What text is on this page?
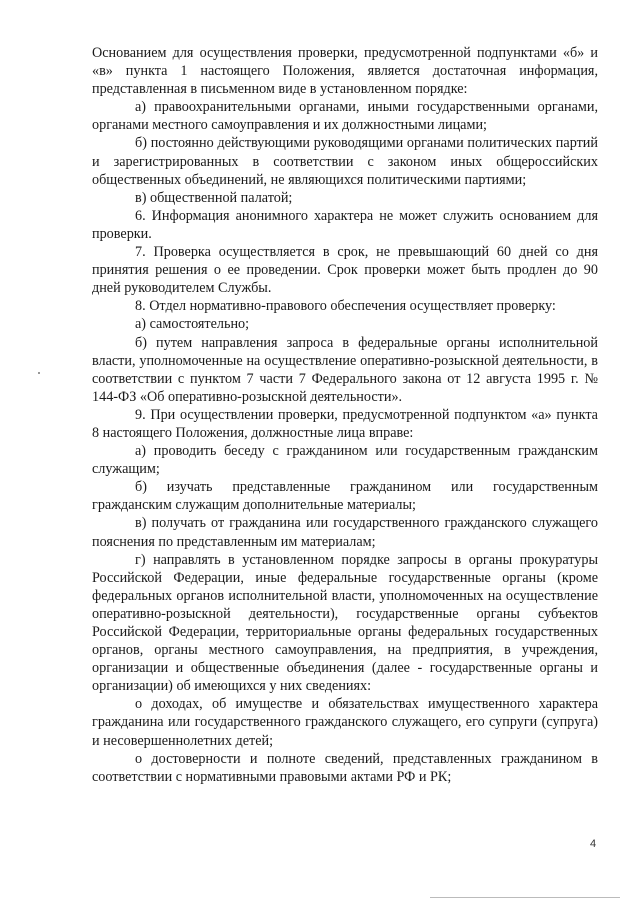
Основанием для осуществления проверки, предусмотренной подпунктами «б» и «в» пункта 1 настоящего Положения, является достаточная информация, представленная в письменном виде в установленном порядке:

а) правоохранительными органами, иными государственными органами, органами местного самоуправления и их должностными лицами;

б) постоянно действующими руководящими органами политических партий и зарегистрированных в соответствии с законом иных общероссийских общественных объединений, не являющихся политическими партиями;

в) общественной палатой;

6. Информация анонимного характера не может служить основанием для проверки.

7. Проверка осуществляется в срок, не превышающий 60 дней со дня принятия решения о ее проведении. Срок проверки может быть продлен до 90 дней руководителем Службы.

8. Отдел нормативно-правового обеспечения осуществляет проверку:

а) самостоятельно;

б) путем направления запроса в федеральные органы исполнительной власти, уполномоченные на осуществление оперативно-розыскной деятельности, в соответствии с пунктом 7 части 7 Федерального закона от 12 августа 1995 г. № 144-ФЗ «Об оперативно-розыскной деятельности».

9. При осуществлении проверки, предусмотренной подпунктом «а» пункта 8 настоящего Положения, должностные лица вправе:

а) проводить беседу с гражданином или государственным гражданским служащим;

б) изучать представленные гражданином или государственным гражданским служащим дополнительные материалы;

в) получать от гражданина или государственного гражданского служащего пояснения по представленным им материалам;

г) направлять в установленном порядке запросы в органы прокуратуры Российской Федерации, иные федеральные государственные органы (кроме федеральных органов исполнительной власти, уполномоченных на осуществление оперативно-розыскной деятельности), государственные органы субъектов Российской Федерации, территориальные органы федеральных государственных органов, органы местного самоуправления, на предприятия, в учреждения, организации и общественные объединения (далее - государственные органы и организации) об имеющихся у них сведениях:

о доходах, об имуществе и обязательствах имущественного характера гражданина или государственного гражданского служащего, его супруги (супруга) и несовершеннолетних детей;

о достоверности и полноте сведений, представленных гражданином в соответствии с нормативными правовыми актами РФ и РК;

4
